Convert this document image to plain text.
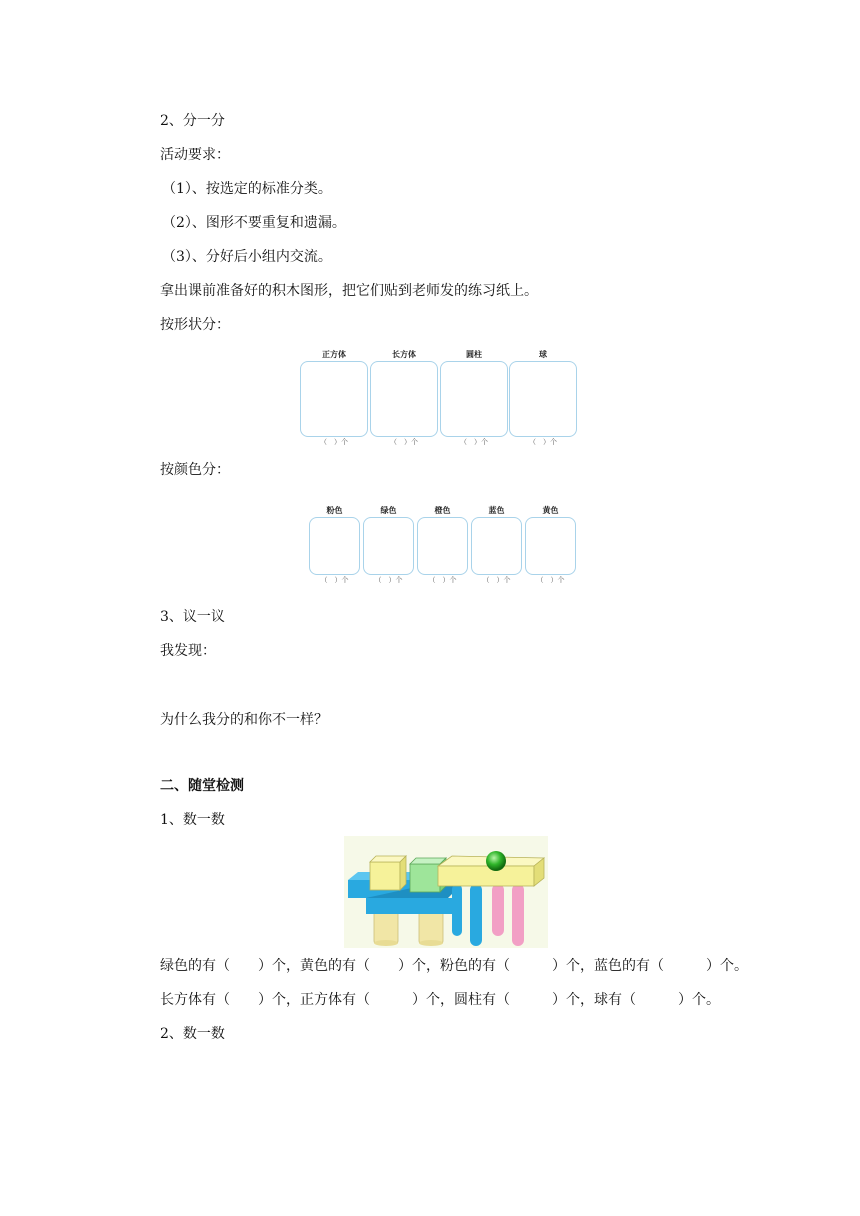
2、分一分
活动要求：
（1）、按选定的标准分类。
（2）、图形不要重复和遗漏。
（3）、分好后小组内交流。
拿出课前准备好的积木图形，把它们贴到老师发的练习纸上。
按形状分：
正方体
（　）个
长方体
（　）个
圆柱
（　）个
球
（　）个
按颜色分：
粉色
（　）个
绿色
（　）个
橙色
（　）个
蓝色
（　）个
黄色
（　）个
3、议一议
我发现：
为什么我分的和你不一样？
二、随堂检测
1、数一数
绿色的有（　　）个，黄色的有（　　）个，粉色的有（　　　）个，蓝色的有（　　　）个。
长方体有（　　）个，正方体有（　　　）个，圆柱有（　　　）个，球有（　　　）个。
2、数一数
